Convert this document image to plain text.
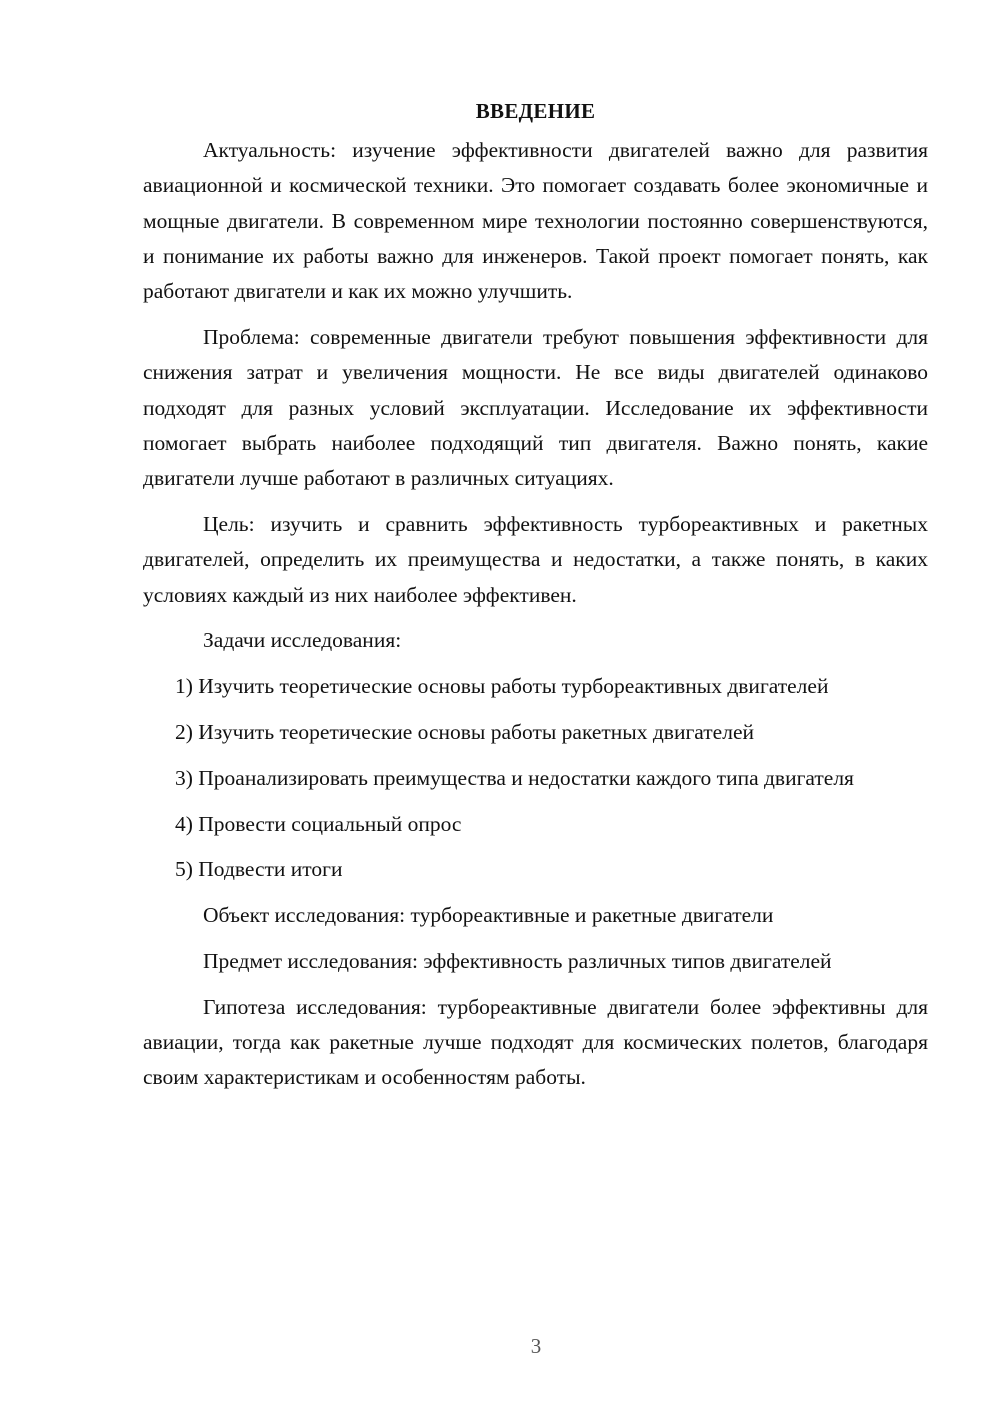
ВВЕДЕНИЕ

Актуальность: изучение эффективности двигателей важно для развития авиационной и космической техники. Это помогает создавать более экономичные и мощные двигатели. В современном мире технологии постоянно совершенствуются, и понимание их работы важно для инженеров. Такой проект помогает понять, как работают двигатели и как их можно улучшить.

Проблема: современные двигатели требуют повышения эффективности для снижения затрат и увеличения мощности. Не все виды двигателей одинаково подходят для разных условий эксплуатации. Исследование их эффективности помогает выбрать наиболее подходящий тип двигателя. Важно понять, какие двигатели лучше работают в различных ситуациях.

Цель: изучить и сравнить эффективность турбореактивных и ракетных двигателей, определить их преимущества и недостатки, а также понять, в каких условиях каждый из них наиболее эффективен.

Задачи исследования:

1) Изучить теоретические основы работы турбореактивных двигателей

2) Изучить теоретические основы работы ракетных двигателей

3) Проанализировать преимущества и недостатки каждого типа двигателя

4) Провести социальный опрос

5) Подвести итоги

Объект исследования: турбореактивные и ракетные двигатели

Предмет исследования: эффективность различных типов двигателей

Гипотеза исследования: турбореактивные двигатели более эффективны для авиации, тогда как ракетные лучше подходят для космических полетов, благодаря своим характеристикам и особенностям работы.

3
